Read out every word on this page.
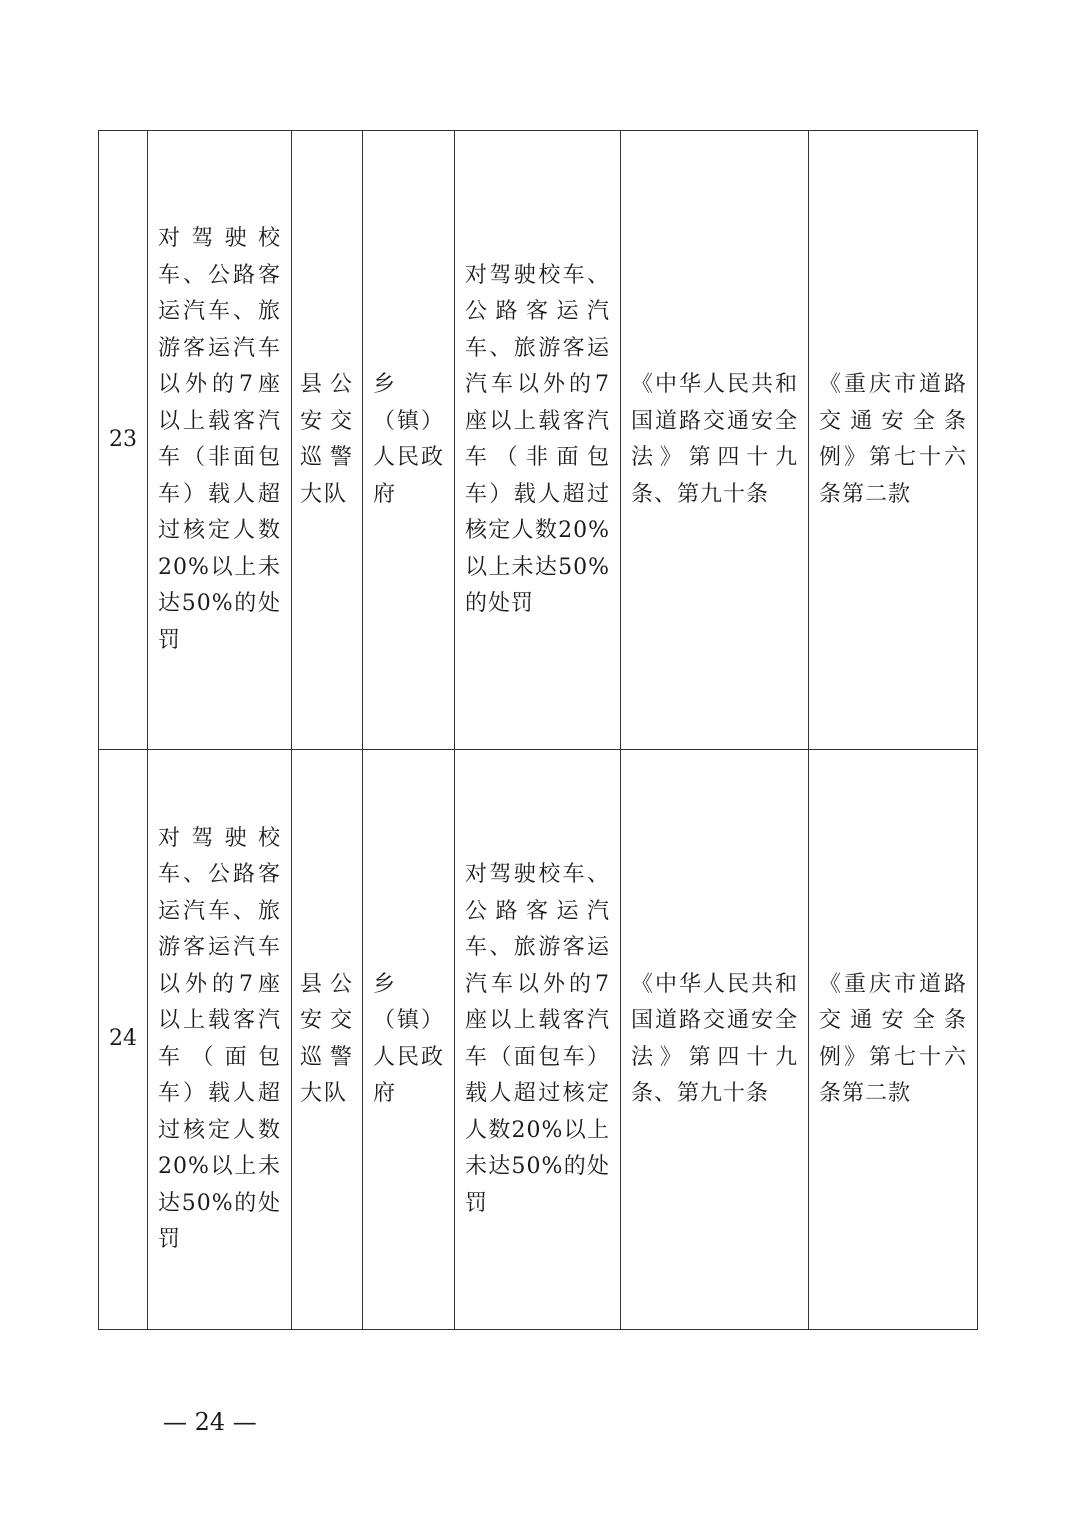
23	对驾驶校车、公路客运汽车、旅游客运汽车以外的7座以上载客汽车（非面包车）载人超过核定人数20%以上未达50%的处罚	县公安交巡警大队	乡（镇）人民政府	对驾驶校车、公路客运汽车、旅游客运汽车以外的7座以上载客汽车（非面包车）载人超过核定人数20%以上未达50%的处罚	《中华人民共和国道路交通安全法》第四十九条、第九十条	《重庆市道路交通安全条例》第七十六条第二款
24	对驾驶校车、公路客运汽车、旅游客运汽车以外的7座以上载客汽车（面包车）载人超过核定人数20%以上未达50%的处罚	县公安交巡警大队	乡（镇）人民政府	对驾驶校车、公路客运汽车、旅游客运汽车以外的7座以上载客汽车（面包车）载人超过核定人数20%以上未达50%的处罚	《中华人民共和国道路交通安全法》第四十九条、第九十条	《重庆市道路交通安全条例》第七十六条第二款
— 24 —
